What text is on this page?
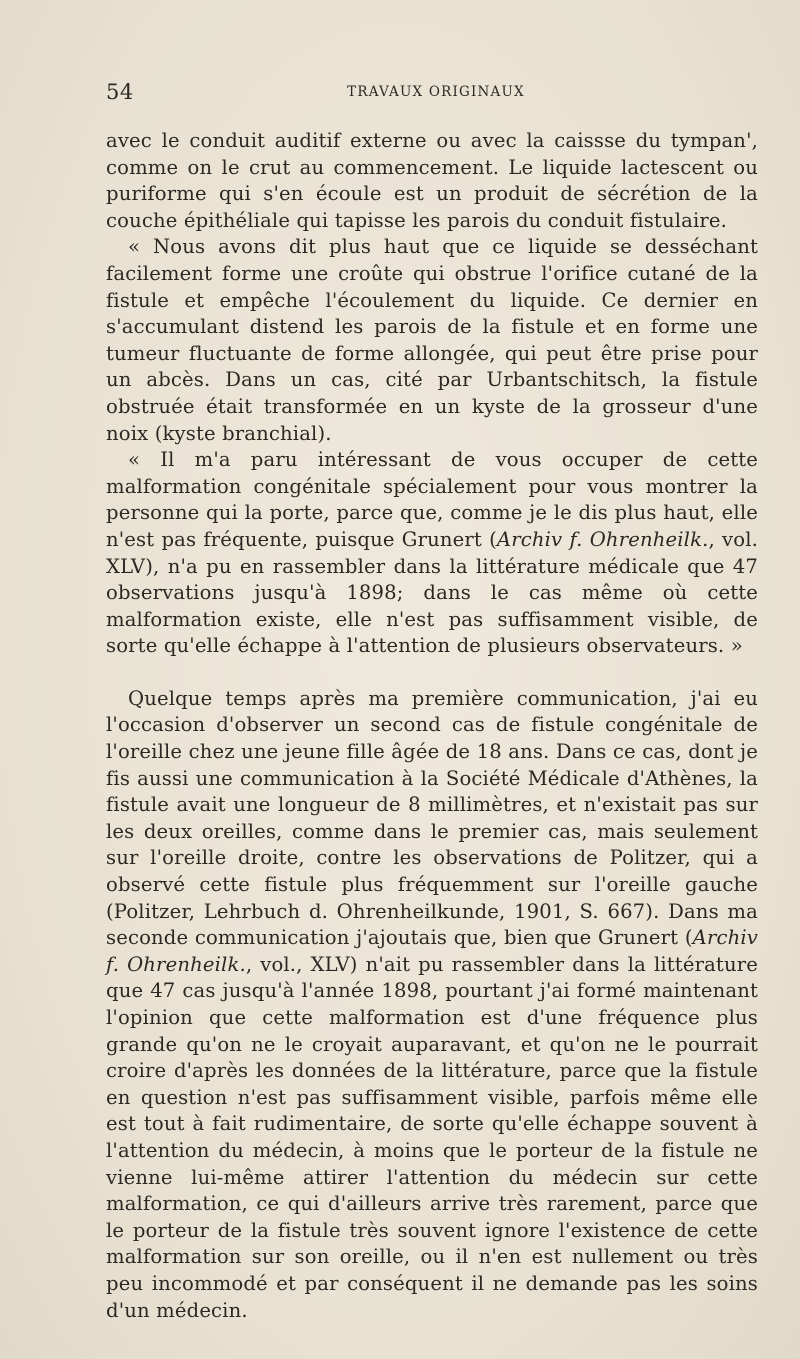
54	TRAVAUX ORIGINAUX

avec le conduit auditif externe ou avec la caissse du tympan', comme on le crut au commencement. Le liquide lactescent ou puriforme qui s'en écoule est un produit de sécrétion de la couche épithéliale qui tapisse les parois du conduit fistulaire.

« Nous avons dit plus haut que ce liquide se desséchant facilement forme une croûte qui obstrue l'orifice cutané de la fistule et empêche l'écoulement du liquide. Ce dernier en s'accumulant distend les parois de la fistule et en forme une tumeur fluctuante de forme allongée, qui peut être prise pour un abcès. Dans un cas, cité par Urbantschitsch, la fistule obstruée était transformée en un kyste de la grosseur d'une noix (kyste branchial).

« Il m'a paru intéressant de vous occuper de cette malformation congénitale spécialement pour vous montrer la personne qui la porte, parce que, comme je le dis plus haut, elle n'est pas fréquente, puisque Grunert (Archiv f. Ohrenheilk., vol. XLV), n'a pu en rassembler dans la littérature médicale que 47 observations jusqu'à 1898; dans le cas même où cette malformation existe, elle n'est pas suffisamment visible, de sorte qu'elle échappe à l'attention de plusieurs observateurs. »

Quelque temps après ma première communication, j'ai eu l'occasion d'observer un second cas de fistule congénitale de l'oreille chez une jeune fille âgée de 18 ans. Dans ce cas, dont je fis aussi une communication à la Société Médicale d'Athènes, la fistule avait une longueur de 8 millimètres, et n'existait pas sur les deux oreilles, comme dans le premier cas, mais seulement sur l'oreille droite, contre les observations de Politzer, qui a observé cette fistule plus fréquemment sur l'oreille gauche (Politzer, Lehrbuch d. Ohrenheilkunde, 1901, S. 667). Dans ma seconde communication j'ajoutais que, bien que Grunert (Archiv f. Ohrenheilk., vol., XLV) n'ait pu rassembler dans la littérature que 47 cas jusqu'à l'année 1898, pourtant j'ai formé maintenant l'opinion que cette malformation est d'une fréquence plus grande qu'on ne le croyait auparavant, et qu'on ne le pourrait croire d'après les données de la littérature, parce que la fistule en question n'est pas suffisamment visible, parfois même elle est tout à fait rudimentaire, de sorte qu'elle échappe souvent à l'attention du médecin, à moins que le porteur de la fistule ne vienne lui-même attirer l'attention du médecin sur cette malformation, ce qui d'ailleurs arrive très rarement, parce que le porteur de la fistule très souvent ignore l'existence de cette malformation sur son oreille, ou il n'en est nullement ou très peu incommodé et par conséquent il ne demande pas les soins d'un médecin.
